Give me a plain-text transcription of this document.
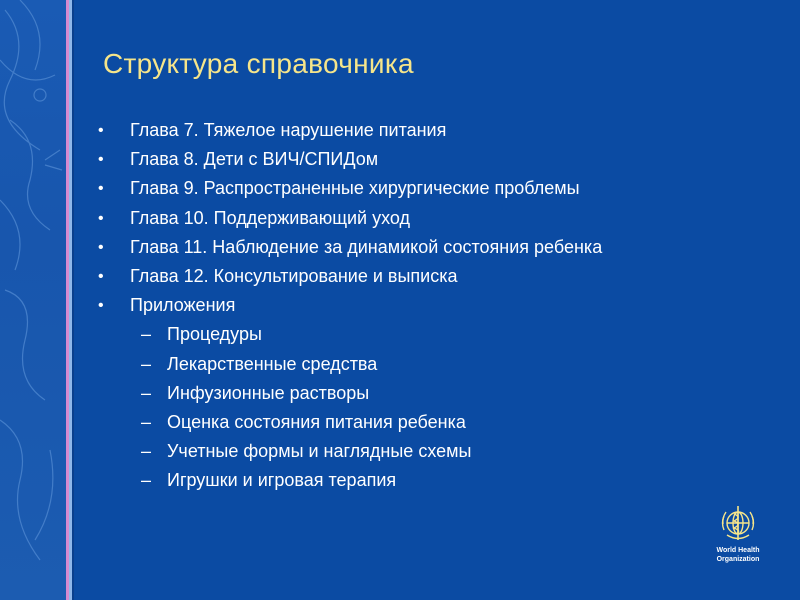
Структура справочника
• Глава 7. Тяжелое нарушение питания
• Глава 8. Дети с ВИЧ/СПИДом
• Глава 9. Распространенные хирургические проблемы
• Глава 10. Поддерживающий уход
• Глава 11. Наблюдение за динамикой состояния ребенка
• Глава 12. Консультирование и выписка
• Приложения
– Процедуры
– Лекарственные средства
– Инфузионные растворы
– Оценка состояния питания ребенка
– Учетные формы и наглядные схемы
– Игрушки и игровая терапия
World Health
Organization
